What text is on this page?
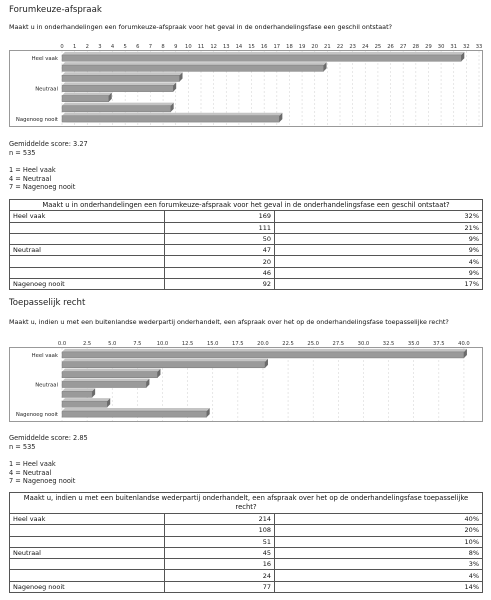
Forumkeuze-afspraak
Maakt u in onderhandelingen een forumkeuze-afspraak voor het geval in de onderhandelingsfase een geschil ontstaat?
0 1 2 3 4 5 6 7 8 9 10 11 12 13 14 15 16 17 18 19 20 21 22 23 24 25 26 27 28 29 30 31 32 33
Heel vaak
Neutraal
Nagenoeg nooit
Gemiddelde score: 3.27
n = 535
1 = Heel vaak
4 = Neutraal
7 = Nagenoeg nooit
Maakt u in onderhandelingen een forumkeuze-afspraak voor het geval in de onderhandelingsfase een geschil ontstaat?		
Heel vaak	169	32%
	111	21%
	50	9%
Neutraal	47	9%
	20	4%
	46	9%
Nagenoeg nooit	92	17%
Toepasselijk recht
Maakt u, indien u met een buitenlandse wederpartij onderhandelt, een afspraak over het op de onderhandelingsfase toepasselijke recht?
0.0	2.5	5.0	7.5	10.0	12.5	15.0	17.5	20.0	22.5	25.0	27.5	30.0	32.5	35.0	37.5	40.0
Heel vaak
Neutraal
Nagenoeg nooit
Gemiddelde score: 2.85
n = 535
1 = Heel vaak
4 = Neutraal
7 = Nagenoeg nooit
Maakt u, indien u met een buitenlandse wederpartij onderhandelt, een afspraak over het op de onderhandelingsfase toepasselijke recht?		
Heel vaak	214	40%
	108	20%
	51	10%
Neutraal	45	8%
	16	3%
	24	4%
Nagenoeg nooit	77	14%
